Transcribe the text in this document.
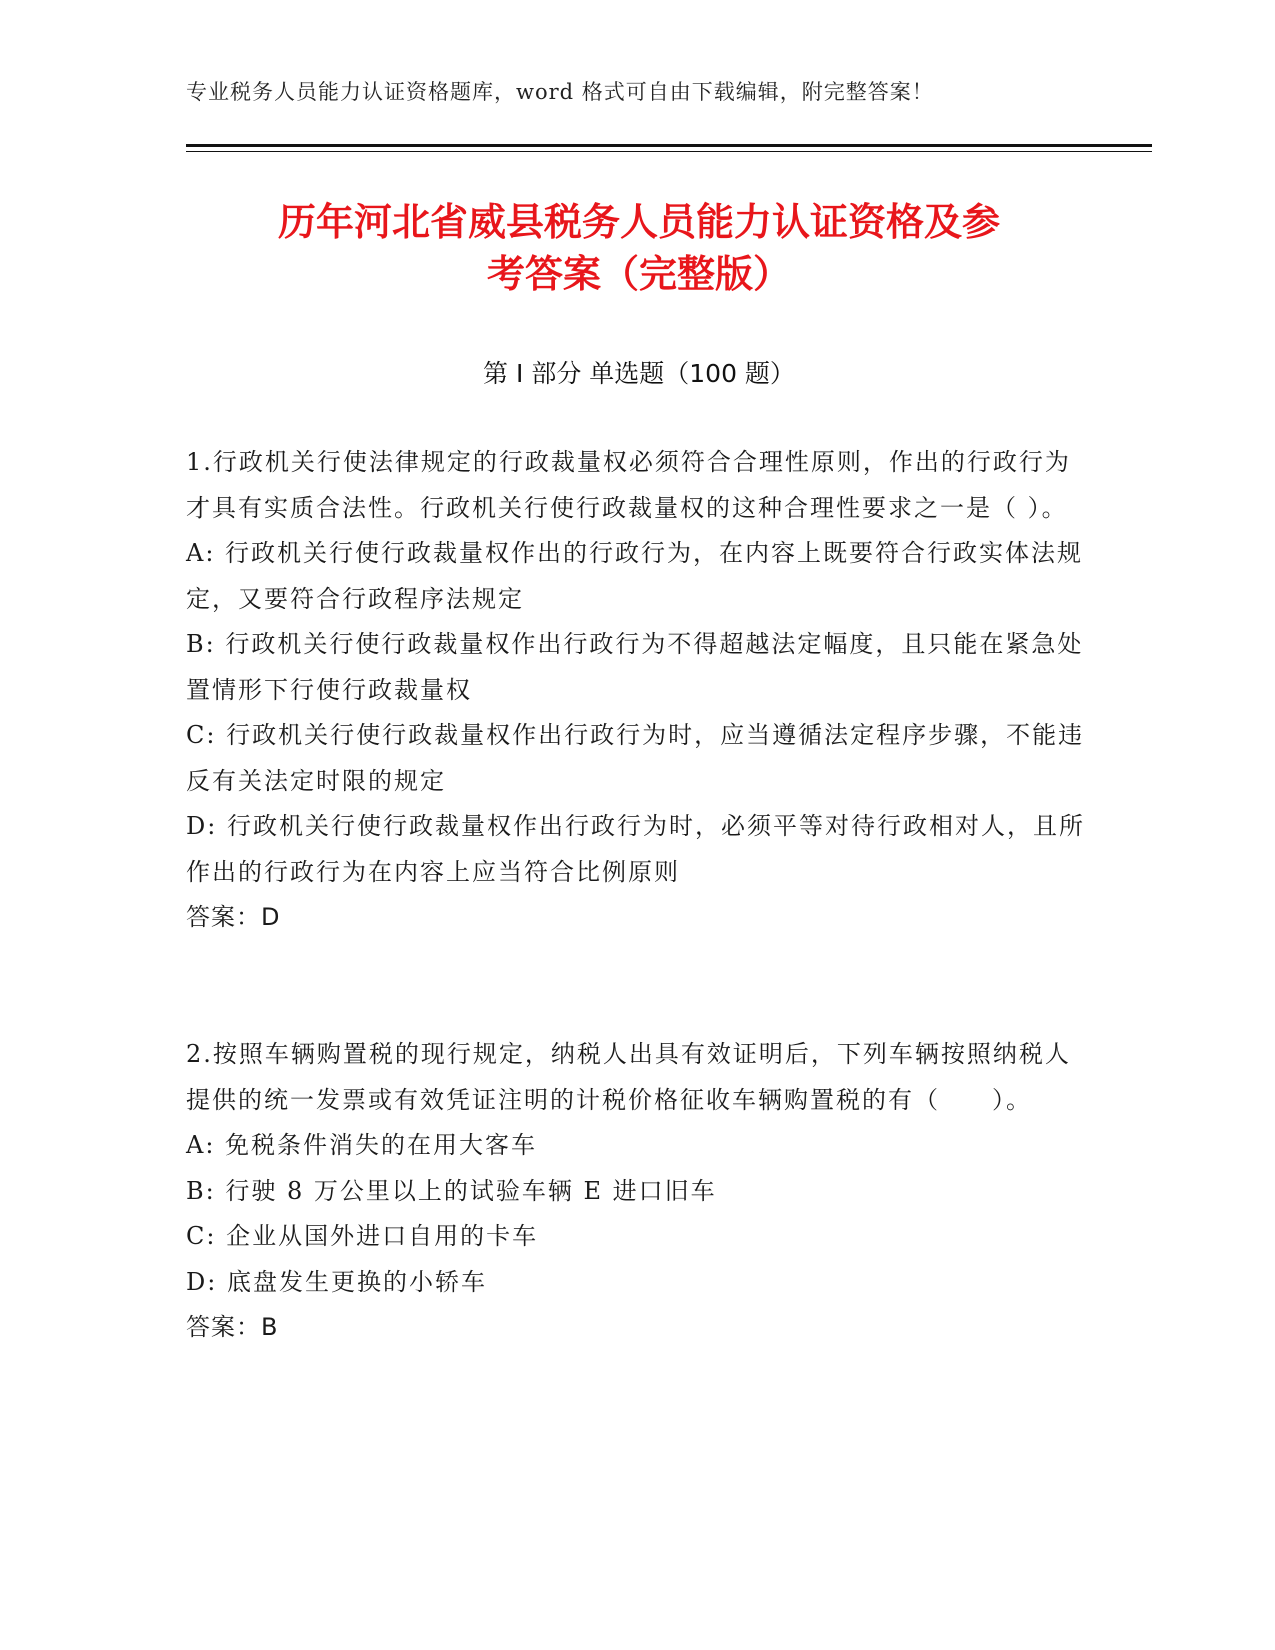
专业税务人员能力认证资格题库，word 格式可自由下载编辑，附完整答案！
历年河北省威县税务人员能力认证资格及参
考答案（完整版）
第 I 部分 单选题（100 题）

1.行政机关行使法律规定的行政裁量权必须符合合理性原则，作出的行政行为才具有实质合法性。行政机关行使行政裁量权的这种合理性要求之一是（ ）。

A: 行政机关行使行政裁量权作出的行政行为，在内容上既要符合行政实体法规定，又要符合行政程序法规定

B: 行政机关行使行政裁量权作出行政行为不得超越法定幅度，且只能在紧急处置情形下行使行政裁量权

C: 行政机关行使行政裁量权作出行政行为时，应当遵循法定程序步骤，不能违反有关法定时限的规定

D: 行政机关行使行政裁量权作出行政行为时，必须平等对待行政相对人，且所作出的行政行为在内容上应当符合比例原则

答案：D

2.按照车辆购置税的现行规定，纳税人出具有效证明后，下列车辆按照纳税人提供的统一发票或有效凭证注明的计税价格征收车辆购置税的有（　　）。

A: 免税条件消失的在用大客车

B: 行驶 8 万公里以上的试验车辆 E 进口旧车

C: 企业从国外进口自用的卡车

D: 底盘发生更换的小轿车

答案：B
